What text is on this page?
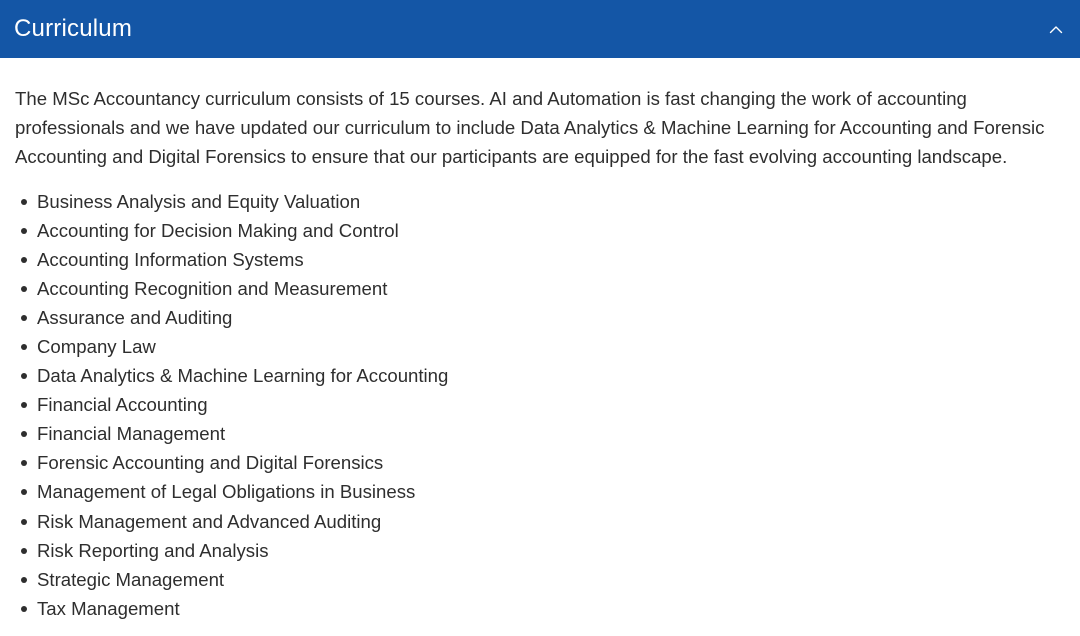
Curriculum

The MSc Accountancy curriculum consists of 15 courses. AI and Automation is fast changing the work of accounting professionals and we have updated our curriculum to include Data Analytics & Machine Learning for Accounting and Forensic Accounting and Digital Forensics to ensure that our participants are equipped for the fast evolving accounting landscape.

Business Analysis and Equity Valuation
Accounting for Decision Making and Control
Accounting Information Systems
Accounting Recognition and Measurement
Assurance and Auditing
Company Law
Data Analytics & Machine Learning for Accounting
Financial Accounting
Financial Management
Forensic Accounting and Digital Forensics
Management of Legal Obligations in Business
Risk Management and Advanced Auditing
Risk Reporting and Analysis
Strategic Management
Tax Management
